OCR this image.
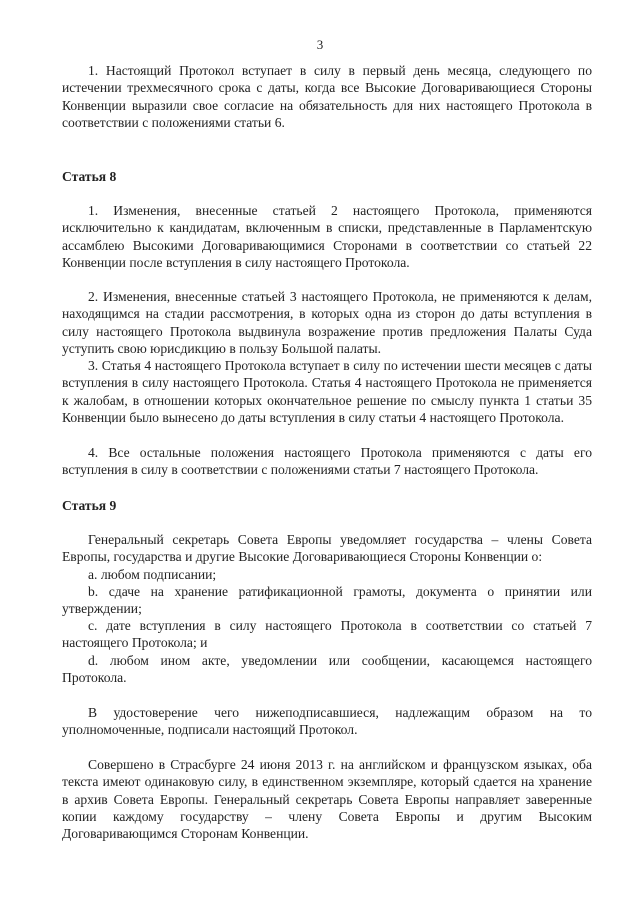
3

1. Настоящий Протокол вступает в силу в первый день месяца, следующего по истечении трехмесячного срока с даты, когда все Высокие Договаривающиеся Стороны Конвенции выразили свое согласие на обязательность для них настоящего Протокола в соответствии с положениями статьи 6.

Статья 8

1. Изменения, внесенные статьей 2 настоящего Протокола, применяются исключительно к кандидатам, включенным в списки, представленные в Парламентскую ассамблею Высокими Договаривающимися Сторонами в соответствии со статьей 22 Конвенции после вступления в силу настоящего Протокола.

2. Изменения, внесенные статьей 3 настоящего Протокола, не применяются к делам, находящимся на стадии рассмотрения, в которых одна из сторон до даты вступления в силу настоящего Протокола выдвинула возражение против предложения Палаты Суда уступить свою юрисдикцию в пользу Большой палаты.

3. Статья 4 настоящего Протокола вступает в силу по истечении шести месяцев с даты вступления в силу настоящего Протокола. Статья 4 настоящего Протокола не применяется к жалобам, в отношении которых окончательное решение по смыслу пункта 1 статьи 35 Конвенции было вынесено до даты вступления в силу статьи 4 настоящего Протокола.

4. Все остальные положения настоящего Протокола применяются с даты его вступления в силу в соответствии с положениями статьи 7 настоящего Протокола.

Статья 9

Генеральный секретарь Совета Европы уведомляет государства – члены Совета Европы, государства и другие Высокие Договаривающиеся Стороны Конвенции о:

a. любом подписании;

b. сдаче на хранение ратификационной грамоты, документа о принятии или утверждении;

c. дате вступления в силу настоящего Протокола в соответствии со статьей 7 настоящего Протокола; и

d. любом ином акте, уведомлении или сообщении, касающемся настоящего Протокола.

В удостоверение чего нижеподписавшиеся, надлежащим образом на то уполномоченные, подписали настоящий Протокол.

Совершено в Страсбурге 24 июня 2013 г. на английском и французском языках, оба текста имеют одинаковую силу, в единственном экземпляре, который сдается на хранение в архив Совета Европы. Генеральный секретарь Совета Европы направляет заверенные копии каждому государству – члену Совета Европы и другим Высоким Договаривающимся Сторонам Конвенции.
